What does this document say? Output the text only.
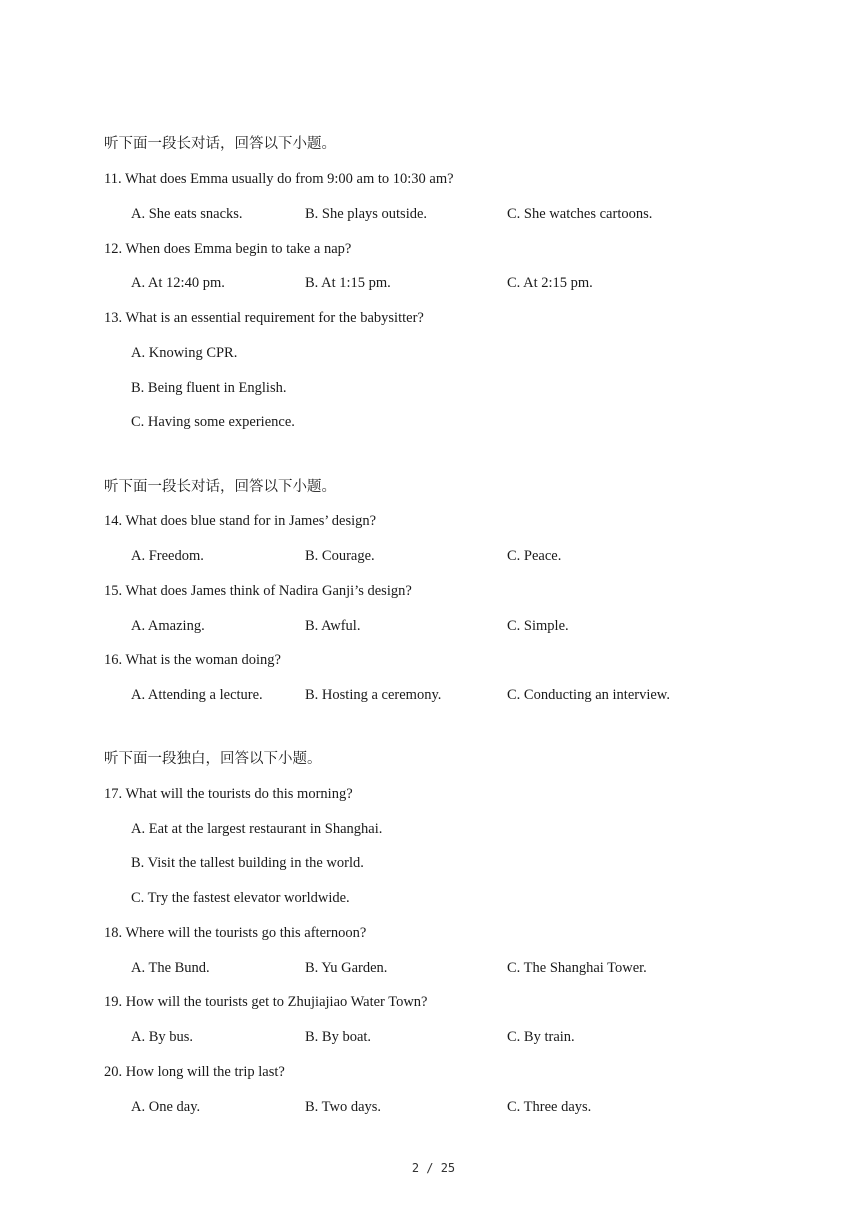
听下面一段长对话，回答以下小题。
11. What does Emma usually do from 9:00 am to 10:30 am?
A. She eats snacks.	B. She plays outside.	C. She watches cartoons.
12. When does Emma begin to take a nap?
A. At 12:40 pm.	B. At 1:15 pm.	C. At 2:15 pm.
13. What is an essential requirement for the babysitter?
A. Knowing CPR.
B. Being fluent in English.
C. Having some experience.
听下面一段长对话，回答以下小题。
14. What does blue stand for in James’ design?
A. Freedom.	B. Courage.	C. Peace.
15. What does James think of Nadira Ganji’s design?
A. Amazing.	B. Awful.	C. Simple.
16. What is the woman doing?
A. Attending a lecture.	B. Hosting a ceremony.	C. Conducting an interview.
听下面一段独白，回答以下小题。
17. What will the tourists do this morning?
A. Eat at the largest restaurant in Shanghai.
B. Visit the tallest building in the world.
C. Try the fastest elevator worldwide.
18. Where will the tourists go this afternoon?
A. The Bund.	B. Yu Garden.	C. The Shanghai Tower.
19. How will the tourists get to Zhujiajiao Water Town?
A. By bus.	B. By boat.	C. By train.
20. How long will the trip last?
A. One day.	B. Two days.	C. Three days.
2 / 25
